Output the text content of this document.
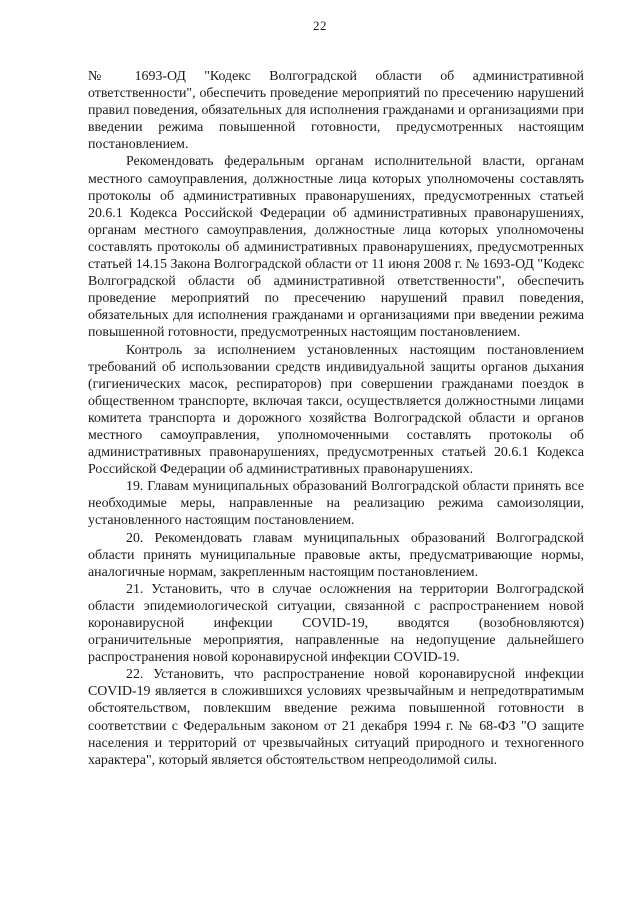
22

№ 1693-ОД "Кодекс Волгоградской области об административной ответственности", обеспечить проведение мероприятий по пресечению нарушений правил поведения, обязательных для исполнения гражданами и организациями при введении режима повышенной готовности, предусмотренных настоящим постановлением.

Рекомендовать федеральным органам исполнительной власти, органам местного самоуправления, должностные лица которых уполномочены составлять протоколы об административных правонарушениях, предусмотренных статьей 20.6.1 Кодекса Российской Федерации об административных правонарушениях, органам местного самоуправления, должностные лица которых уполномочены составлять протоколы об административных правонарушениях, предусмотренных статьей 14.15 Закона Волгоградской области от 11 июня 2008 г. № 1693-ОД "Кодекс Волгоградской области об административной ответственности", обеспечить проведение мероприятий по пресечению нарушений правил поведения, обязательных для исполнения гражданами и организациями при введении режима повышенной готовности, предусмотренных настоящим постановлением.

Контроль за исполнением установленных настоящим постановлением требований об использовании средств индивидуальной защиты органов дыхания (гигиенических масок, респираторов) при совершении гражданами поездок в общественном транспорте, включая такси, осуществляется должностными лицами комитета транспорта и дорожного хозяйства Волгоградской области и органов местного самоуправления, уполномоченными составлять протоколы об административных правонарушениях, предусмотренных статьей 20.6.1 Кодекса Российской Федерации об административных правонарушениях.

19. Главам муниципальных образований Волгоградской области принять все необходимые меры, направленные на реализацию режима самоизоляции, установленного настоящим постановлением.

20. Рекомендовать главам муниципальных образований Волгоградской области принять муниципальные правовые акты, предусматривающие нормы, аналогичные нормам, закрепленным настоящим постановлением.

21. Установить, что в случае осложнения на территории Волгоградской области эпидемиологической ситуации, связанной с распространением новой коронавирусной инфекции COVID-19, вводятся (возобновляются) ограничительные мероприятия, направленные на недопущение дальнейшего распространения новой коронавирусной инфекции COVID-19.

22. Установить, что распространение новой коронавирусной инфекции COVID-19 является в сложившихся условиях чрезвычайным и непредотвратимым обстоятельством, повлекшим введение режима повышенной готовности в соответствии с Федеральным законом от 21 декабря 1994 г. № 68-ФЗ "О защите населения и территорий от чрезвычайных ситуаций природного и техногенного характера", который является обстоятельством непреодолимой силы.
